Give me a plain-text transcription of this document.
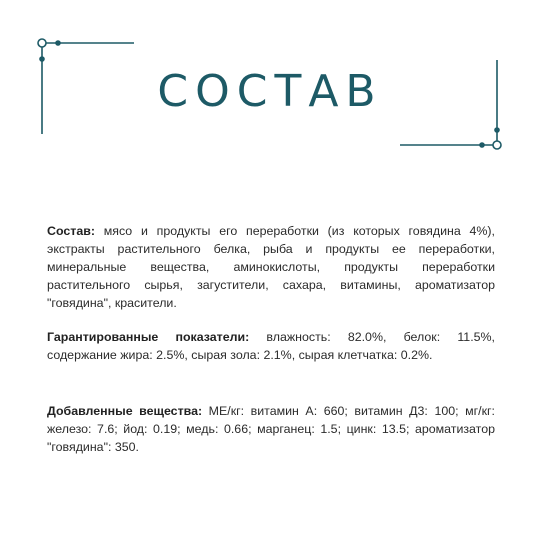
СОСТАВ

Состав: мясо и продукты его переработки (из которых говядина 4%), экстракты растительного белка, рыба и продукты ее переработки, минеральные вещества, аминокислоты, продукты переработки растительного сырья, загустители, сахара, витамины, ароматизатор "говядина", красители.

Гарантированные показатели: влажность: 82.0%, белок: 11.5%, содержание жира: 2.5%, сырая зола: 2.1%, сырая клетчатка: 0.2%.

Добавленные вещества: МЕ/кг: витамин А: 660; витамин Д3: 100; мг/кг: железо: 7.6; йод: 0.19; медь: 0.66; марганец: 1.5; цинк: 13.5; ароматизатор "говядина": 350.
